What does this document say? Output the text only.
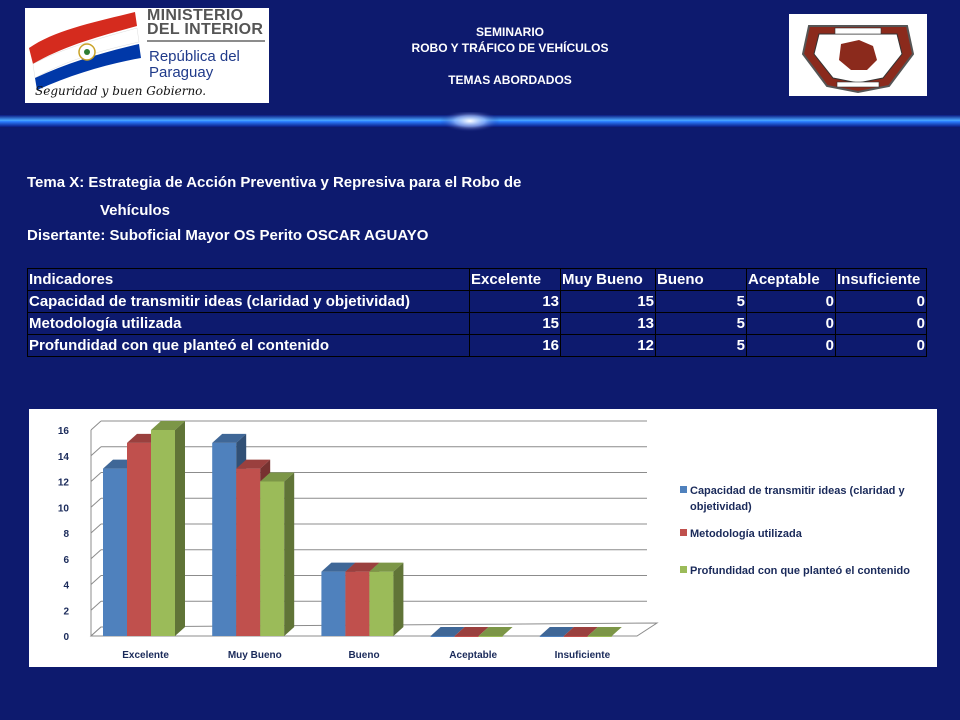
MINISTERIO
DEL INTERIOR
República del
Paraguay
Seguridad y buen Gobierno.
SEMINARIO
ROBO Y TRÁFICO DE VEHÍCULOS
TEMAS ABORDADOS
Tema X: Estrategia de Acción Preventiva y Represiva para el Robo de
Vehículos
Disertante: Suboficial Mayor OS Perito OSCAR AGUAYO
Indicadores	Excelente	Muy Bueno	Bueno	Aceptable	Insuficiente
Capacidad de transmitir ideas (claridad y objetividad)	13	15	5	0	0
Metodología utilizada	15	13	5	0	0
Profundidad con que planteó el contenido	16	12	5	0	0
0
2
4
6
8
10
12
14
16
Excelente	Muy Bueno	Bueno	Aceptable	Insuficiente
Capacidad de transmitir ideas (claridad y objetividad)
Metodología utilizada
Profundidad con que planteó el contenido
